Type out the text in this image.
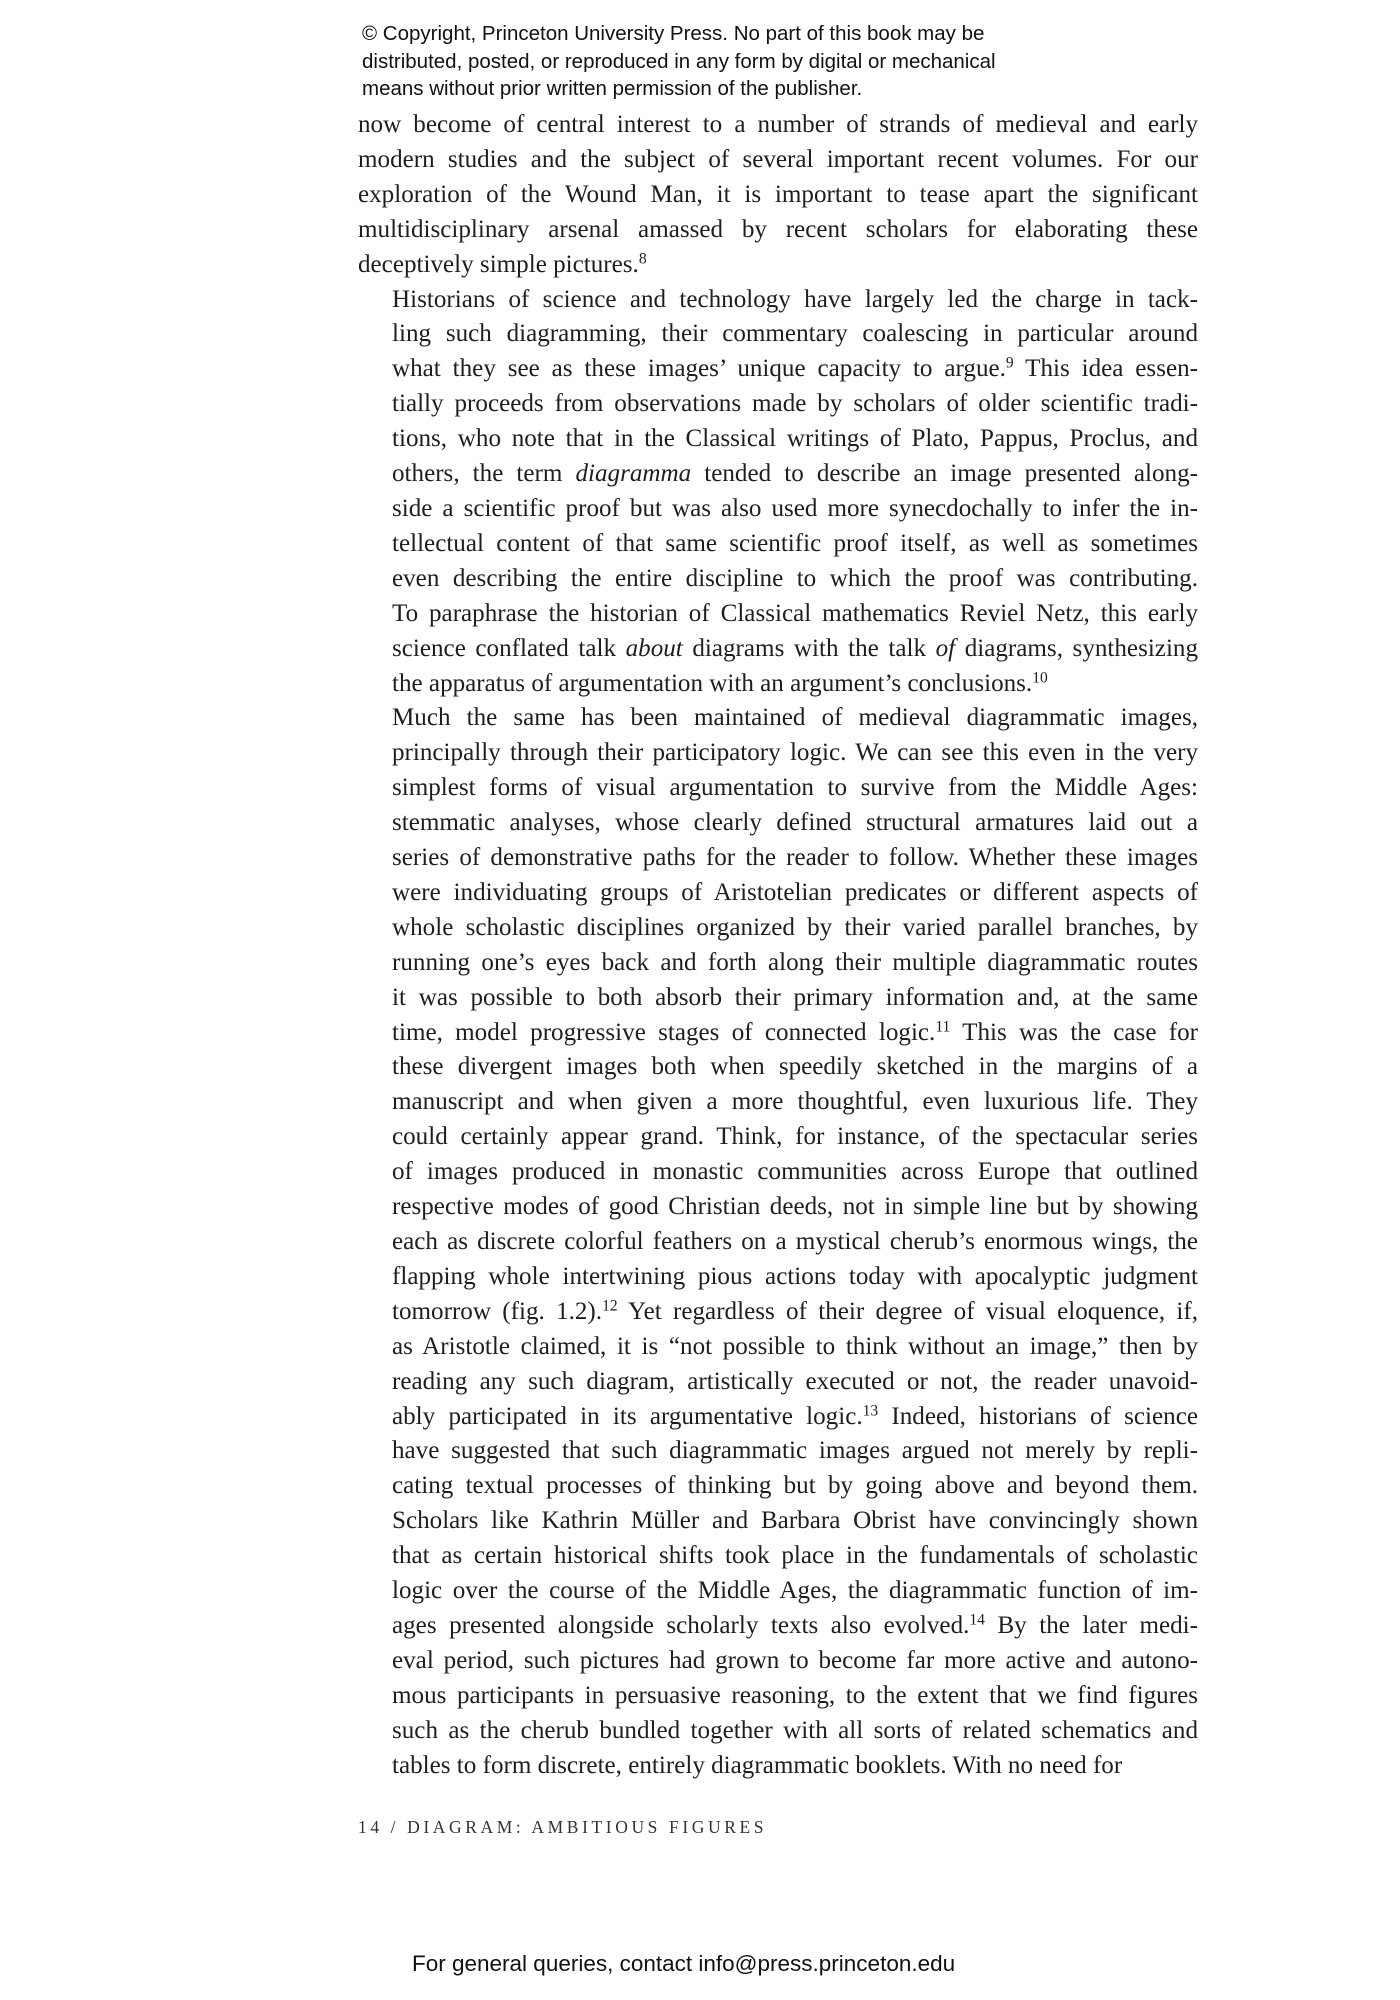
© Copyright, Princeton University Press. No part of this book may be
distributed, posted, or reproduced in any form by digital or mechanical
means without prior written permission of the publisher.

now become of central interest to a number of strands of medieval and early
modern studies and the subject of several important recent volumes. For our
exploration of the Wound Man, it is important to tease apart the significant
multidisciplinary arsenal amassed by recent scholars for elaborating these
deceptively simple pictures.$^8$

Historians of science and technology have largely led the charge in tack-
ling such diagramming, their commentary coalescing in particular around
what they see as these images’ unique capacity to argue.$^9$ This idea essen-
tially proceeds from observations made by scholars of older scientific tradi-
tions, who note that in the Classical writings of Plato, Pappus, Proclus, and
others, the term diagramma tended to describe an image presented along-
side a scientific proof but was also used more synecdochally to infer the in-
tellectual content of that same scientific proof itself, as well as sometimes
even describing the entire discipline to which the proof was contributing.
To paraphrase the historian of Classical mathematics Reviel Netz, this early
science conflated talk about diagrams with the talk of diagrams, synthesizing
the apparatus of argumentation with an argument’s conclusions.$^{10}$

Much the same has been maintained of medieval diagrammatic images,
principally through their participatory logic. We can see this even in the very
simplest forms of visual argumentation to survive from the Middle Ages:
stemmatic analyses, whose clearly defined structural armatures laid out a
series of demonstrative paths for the reader to follow. Whether these images
were individuating groups of Aristotelian predicates or different aspects of
whole scholastic disciplines organized by their varied parallel branches, by
running one’s eyes back and forth along their multiple diagrammatic routes
it was possible to both absorb their primary information and, at the same
time, model progressive stages of connected logic.$^{11}$ This was the case for
these divergent images both when speedily sketched in the margins of a
manuscript and when given a more thoughtful, even luxurious life. They
could certainly appear grand. Think, for instance, of the spectacular series
of images produced in monastic communities across Europe that outlined
respective modes of good Christian deeds, not in simple line but by showing
each as discrete colorful feathers on a mystical cherub’s enormous wings, the
flapping whole intertwining pious actions today with apocalyptic judgment
tomorrow (fig. 1.2).$^{12}$ Yet regardless of their degree of visual eloquence, if,
as Aristotle claimed, it is “not possible to think without an image,” then by
reading any such diagram, artistically executed or not, the reader unavoid-
ably participated in its argumentative logic.$^{13}$ Indeed, historians of science
have suggested that such diagrammatic images argued not merely by repli-
cating textual processes of thinking but by going above and beyond them.
Scholars like Kathrin Müller and Barbara Obrist have convincingly shown
that as certain historical shifts took place in the fundamentals of scholastic
logic over the course of the Middle Ages, the diagrammatic function of im-
ages presented alongside scholarly texts also evolved.$^{14}$ By the later medi-
eval period, such pictures had grown to become far more active and autono-
mous participants in persuasive reasoning, to the extent that we find figures
such as the cherub bundled together with all sorts of related schematics and
tables to form discrete, entirely diagrammatic booklets. With no need for

14 / DIAGRAM: AMBITIOUS FIGURES
For general queries, contact info@press.princeton.edu
